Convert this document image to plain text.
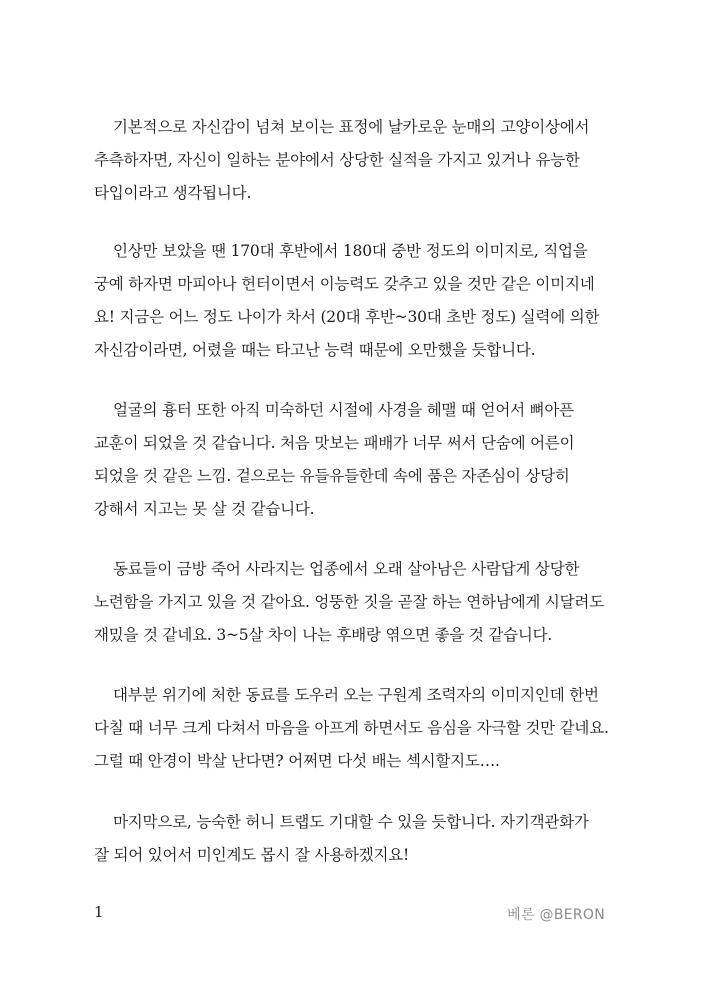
기본적으로 자신감이 넘쳐 보이는 표정에 날카로운 눈매의 고양이상에서
추측하자면, 자신이 일하는 분야에서 상당한 실적을 가지고 있거나 유능한
타입이라고 생각됩니다.
인상만 보았을 땐 170대 후반에서 180대 중반 정도의 이미지로, 직업을
궁예 하자면 마피아나 헌터이면서 이능력도 갖추고 있을 것만 같은 이미지네
요! 지금은 어느 정도 나이가 차서 (20대 후반~30대 초반 정도) 실력에 의한
자신감이라면, 어렸을 때는 타고난 능력 때문에 오만했을 듯합니다.
얼굴의 흉터 또한 아직 미숙하던 시절에 사경을 헤맬 때 얻어서 뼈아픈
교훈이 되었을 것 같습니다. 처음 맛보는 패배가 너무 써서 단숨에 어른이
되었을 것 같은 느낌. 겉으로는 유들유들한데 속에 품은 자존심이 상당히
강해서 지고는 못 살 것 같습니다.
동료들이 금방 죽어 사라지는 업종에서 오래 살아남은 사람답게 상당한
노련함을 가지고 있을 것 같아요. 엉뚱한 짓을 곧잘 하는 연하남에게 시달려도
재밌을 것 같네요. 3~5살 차이 나는 후배랑 엮으면 좋을 것 같습니다.
대부분 위기에 처한 동료를 도우러 오는 구원계 조력자의 이미지인데 한번
다칠 때 너무 크게 다쳐서 마음을 아프게 하면서도 음심을 자극할 것만 같네요.
그럴 때 안경이 박살 난다면? 어쩌면 다섯 배는 섹시할지도….
마지막으로, 능숙한 허니 트랩도 기대할 수 있을 듯합니다. 자기객관화가
잘 되어 있어서 미인계도 몹시 잘 사용하겠지요!
1	베론 @BERON
